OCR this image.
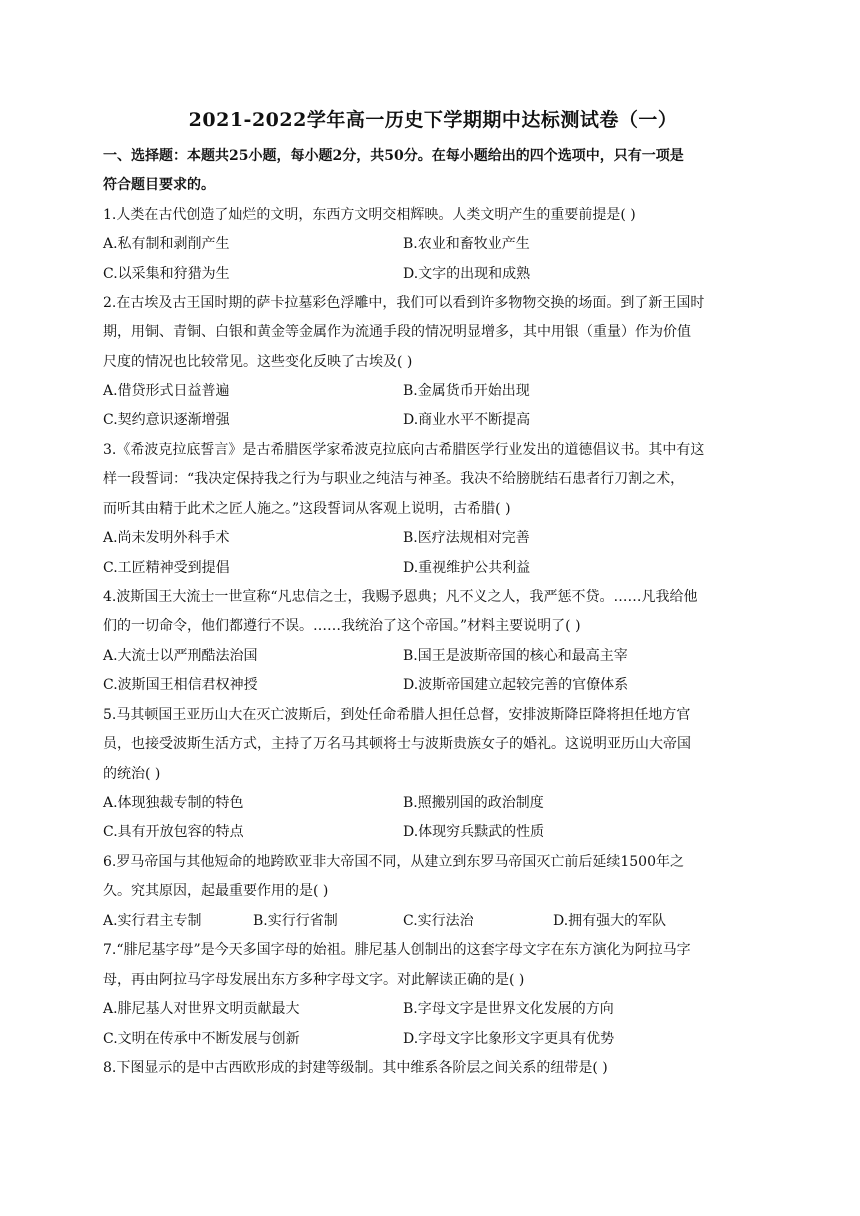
2021-2022学年高一历史下学期期中达标测试卷（一）
一、选择题：本题共25小题，每小题2分，共50分。在每小题给出的四个选项中，只有一项是
符合题目要求的。
1.人类在古代创造了灿烂的文明，东西方文明交相辉映。人类文明产生的重要前提是( )
A.私有制和剥削产生	B.农业和畜牧业产生
C.以采集和狩猎为生	D.文字的出现和成熟
2.在古埃及古王国时期的萨卡拉墓彩色浮雕中，我们可以看到许多物物交换的场面。到了新王国时
期，用铜、青铜、白银和黄金等金属作为流通手段的情况明显增多，其中用银（重量）作为价值
尺度的情况也比较常见。这些变化反映了古埃及( )
A.借贷形式日益普遍	B.金属货币开始出现
C.契约意识逐渐增强	D.商业水平不断提高
3.《希波克拉底誓言》是古希腊医学家希波克拉底向古希腊医学行业发出的道德倡议书。其中有这
样一段誓词：“我决定保持我之行为与职业之纯洁与神圣。我决不给膀胱结石患者行刀割之术，
而听其由精于此术之匠人施之。”这段誓词从客观上说明，古希腊( )
A.尚未发明外科手术	B.医疗法规相对完善
C.工匠精神受到提倡	D.重视维护公共利益
4.波斯国王大流士一世宣称“凡忠信之士，我赐予恩典；凡不义之人，我严惩不贷。……凡我给他
们的一切命令，他们都遵行不误。……我统治了这个帝国。”材料主要说明了( )
A.大流士以严刑酷法治国	B.国王是波斯帝国的核心和最高主宰
C.波斯国王相信君权神授	D.波斯帝国建立起较完善的官僚体系
5.马其顿国王亚历山大在灭亡波斯后，到处任命希腊人担任总督，安排波斯降臣降将担任地方官
员，也接受波斯生活方式，主持了万名马其顿将士与波斯贵族女子的婚礼。这说明亚历山大帝国
的统治( )
A.体现独裁专制的特色	B.照搬别国的政治制度
C.具有开放包容的特点	D.体现穷兵黩武的性质
6.罗马帝国与其他短命的地跨欧亚非大帝国不同，从建立到东罗马帝国灭亡前后延续1500年之
久。究其原因，起最重要作用的是( )
A.实行君主专制	B.实行行省制	C.实行法治	D.拥有强大的军队
7.“腓尼基字母”是今天多国字母的始祖。腓尼基人创制出的这套字母文字在东方演化为阿拉马字
母，再由阿拉马字母发展出东方多种字母文字。对此解读正确的是( )
A.腓尼基人对世界文明贡献最大	B.字母文字是世界文化发展的方向
C.文明在传承中不断发展与创新	D.字母文字比象形文字更具有优势
8.下图显示的是中古西欧形成的封建等级制。其中维系各阶层之间关系的纽带是( )
